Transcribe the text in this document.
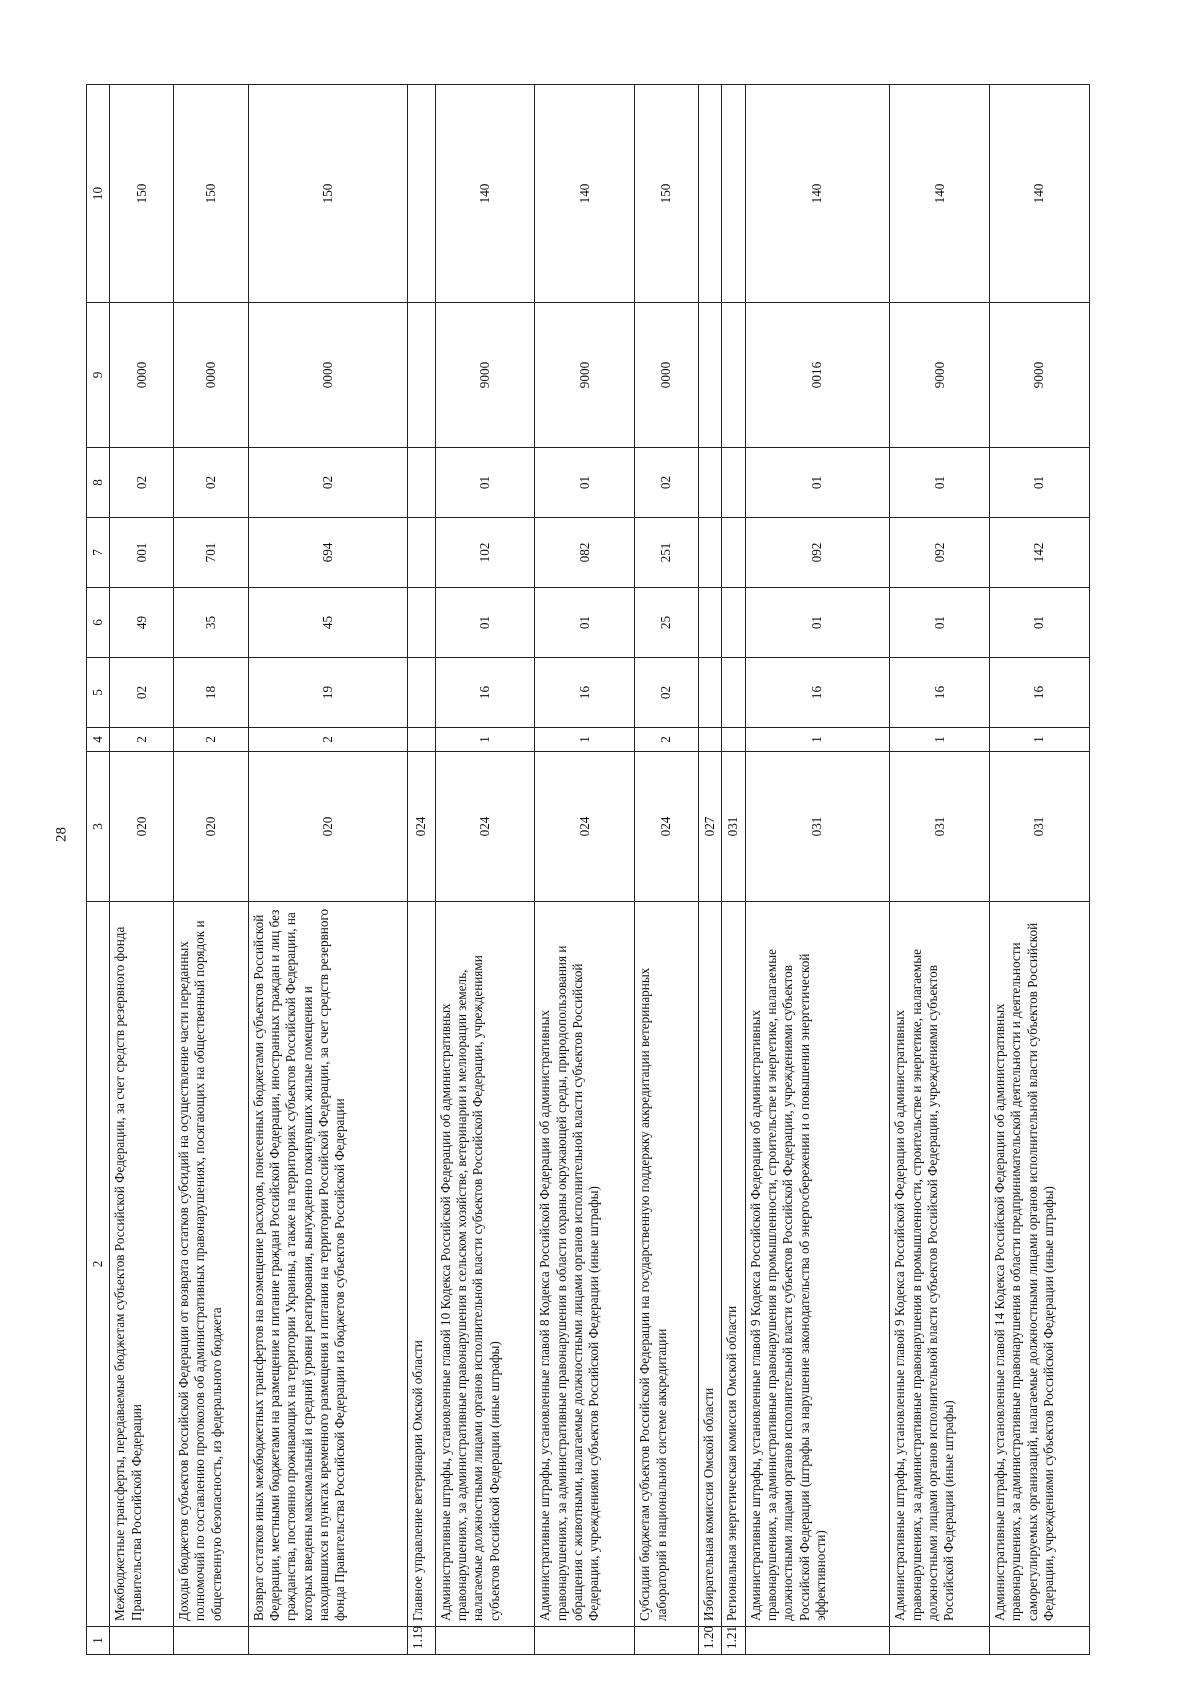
28
1	2	3	4	5	6	7	8	9	10
	Межбюджетные трансферты, передаваемые бюджетам субъектов Российской Федерации, за счет средств резервного фонда Правительства Российской Федерации	020	2	02	49	001	02	0000	150
	Доходы бюджетов субъектов Российской Федерации от возврата остатков субсидий на осуществление части переданных полномочий по составлению протоколов об административных правонарушениях, посягающих на общественный порядок и общественную безопасность, из федерального бюджета	020	2	18	35	701	02	0000	150
	Возврат остатков иных межбюджетных трансфертов на возмещение расходов, понесенных бюджетами субъектов Российской Федерации, местными бюджетами на размещение и питание граждан Российской Федерации, иностранных граждан и лиц без гражданства, постоянно проживающих на территории Украины, а также на территориях субъектов Российской Федерации, на которых введены максимальный и средний уровни реагирования, вынужденно покинувших жилые помещения и находившихся в пунктах временного размещения и питания на территории Российской Федерации, за счет средств резервного фонда Правительства Российской Федерации из бюджетов субъектов Российской Федерации	020	2	19	45	694	02	0000	150
1.19	Главное управление ветеринарии Омской области	024							
	Административные штрафы, установленные главой 10 Кодекса Российской Федерации об административных правонарушениях, за административные правонарушения в сельском хозяйстве, ветеринарии и мелиорации земель, налагаемые должностными лицами органов исполнительной власти субъектов Российской Федерации, учреждениями субъектов Российской Федерации (иные штрафы)	024	1	16	01	102	01	9000	140
	Административные штрафы, установленные главой 8 Кодекса Российской Федерации об административных правонарушениях, за административные правонарушения в области охраны окружающей среды, природопользования и обращения с животными, налагаемые должностными лицами органов исполнительной власти субъектов Российской Федерации, учреждениями субъектов Российской Федерации (иные штрафы)	024	1	16	01	082	01	9000	140
	Субсидии бюджетам субъектов Российской Федерации на государственную поддержку аккредитации ветеринарных лабораторий в национальной системе аккредитации	024	2	02	25	251	02	0000	150
1.20	Избирательная комиссия Омской области	027							
1.21	Региональная энергетическая комиссия Омской области	031							
	Административные штрафы, установленные главой 9 Кодекса Российской Федерации об административных правонарушениях, за административные правонарушения в промышленности, строительстве и энергетике, налагаемые должностными лицами органов исполнительной власти субъектов Российской Федерации, учреждениями субъектов Российской Федерации (штрафы за нарушение законодательства об энергосбережении и о повышении энергетической эффективности)	031	1	16	01	092	01	0016	140
	Административные штрафы, установленные главой 9 Кодекса Российской Федерации об административных правонарушениях, за административные правонарушения в промышленности, строительстве и энергетике, налагаемые должностными лицами органов исполнительной власти субъектов Российской Федерации, учреждениями субъектов Российской Федерации (иные штрафы)	031	1	16	01	092	01	9000	140
	Административные штрафы, установленные главой 14 Кодекса Российской Федерации об административных правонарушениях, за административные правонарушения в области предпринимательской деятельности и деятельности саморегулируемых организаций, налагаемые должностными лицами органов исполнительной власти субъектов Российской Федерации, учреждениями субъектов Российской Федерации (иные штрафы)	031	1	16	01	142	01	9000	140
